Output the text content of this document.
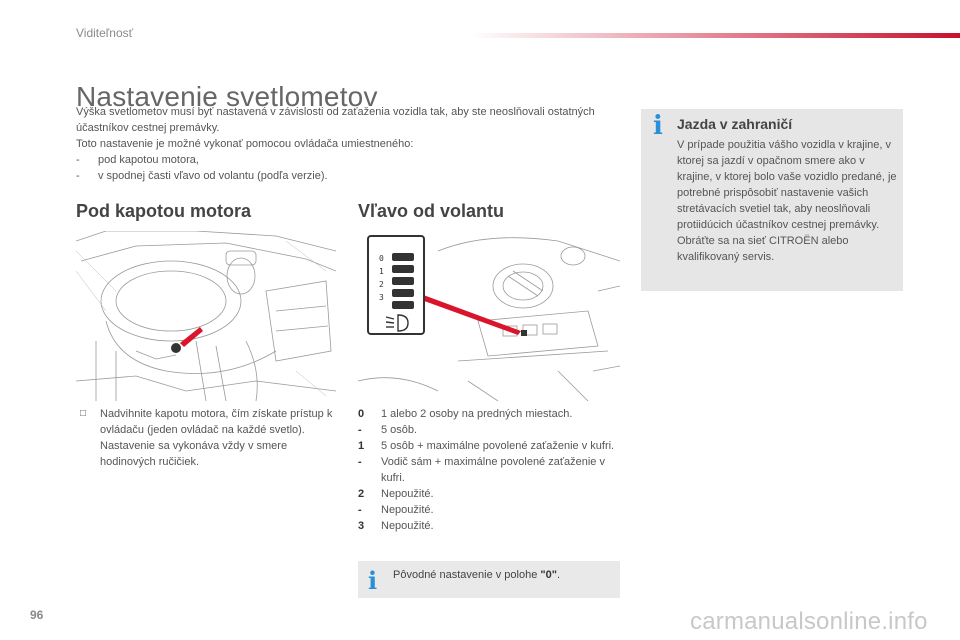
Viditeľnosť
Nastavenie svetlometov

Výška svetlometov musí byť nastavená v závislosti od zaťaženia vozidla tak, aby ste neoslňovali ostatných účastníkov cestnej premávky.

Toto nastavenie je možné vykonať pomocou ovládača umiestneného:

-	pod kapotou motora,
-	v spodnej časti vľavo od volantu (podľa verzie).
Pod kapotou motora	Vľavo od volantu
0
1
2
3
□	Nadvihnite kapotu motora, čím získate prístup k ovládaču (jeden ovládač na každé svetlo). Nastavenie sa vykonáva vždy v smere hodinových ručičiek.
0	1 alebo 2 osoby na predných miestach.
-	5 osôb.
1	5 osôb + maximálne povolené zaťaženie v kufri.
-	Vodič sám + maximálne povolené zaťaženie v kufri.
2	Nepoužité.
-	Nepoužité.
3	Nepoužité.
i Pôvodné nastavenie v polohe "0".
i Jazda v zahraničí
V prípade použitia vášho vozidla v krajine, v ktorej sa jazdí v opačnom smere ako v krajine, v ktorej bolo vaše vozidlo predané, je potrebné prispôsobiť nastavenie vašich stretávacích svetiel tak, aby neoslňovali protiidúcich účastníkov cestnej premávky.
Obráťte sa na sieť CITROËN alebo kvalifikovaný servis.
96	carmanualsonline.info
